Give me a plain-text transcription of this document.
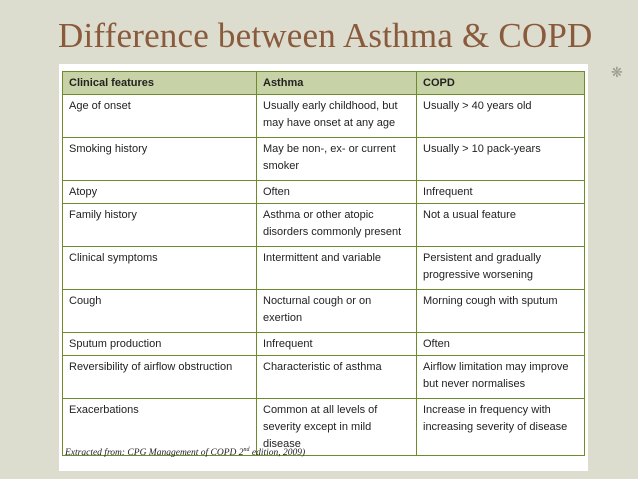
Difference between Asthma & COPD
❋
Clinical features	Asthma	COPD
Age of onset	Usually early childhood, but may have onset at any age	Usually > 40 years old
Smoking history	May be non-, ex- or current smoker	Usually > 10 pack-years
Atopy	Often	Infrequent
Family history	Asthma or other atopic disorders commonly present	Not a usual feature
Clinical symptoms	Intermittent and variable	Persistent and gradually progressive worsening
Cough	Nocturnal cough or on exertion	Morning cough with sputum
Sputum production	Infrequent	Often
Reversibility of airflow obstruction	Characteristic of asthma	Airflow limitation may improve but never normalises
Exacerbations	Common at all levels of severity except in mild disease	Increase in frequency with increasing severity of disease
Extracted from: CPG Management of COPD 2nd edition, 2009)
